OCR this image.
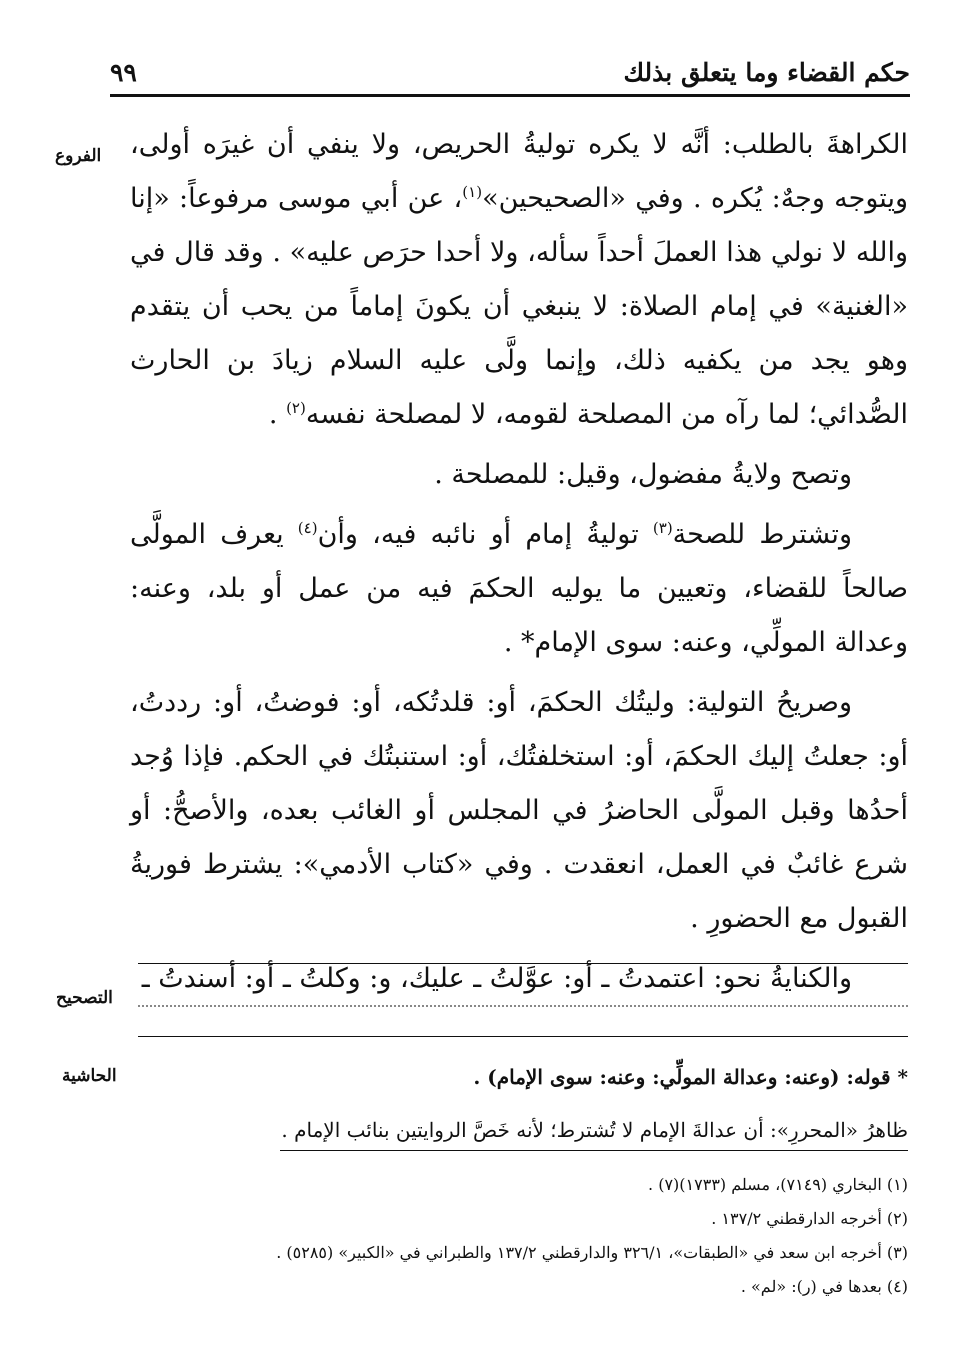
حكم القضاء وما يتعلق بذلك
٩٩
الفروع الكراهةَ بالطلب: أنَّه لا يكره توليةُ الحريص، ولا ينفي أن غيرَه أولى، ويتوجه وجهٌ: يُكره . وفي «الصحيحين»$^{(١)}$، عن أبي موسى مرفوعاً: «إنا والله لا نولي هذا العملَ أحداً سأله، ولا أحدا حرَص عليه» . وقد قال في «الغنية» في إمام الصلاة: لا ينبغي أن يكونَ إماماً من يحب أن يتقدم وهو يجد من يكفيه ذلك، وإنما ولَّى عليه السلام زيادَ بن الحارث الصُّدائي؛ لما رآه من المصلحة لقومه، لا لمصلحة نفسه$^{(٢)}$ .

وتصح ولايةُ مفضول، وقيل: للمصلحة .

وتشترط للصحة$^{(٣)}$ توليةُ إمام أو نائبه فيه، وأن$^{(٤)}$ يعرف المولَّى صالحاً للقضاء، وتعيين ما يوليه الحكمَ فيه من عمل أو بلد، وعنه: وعدالة المولِّي، وعنه: سوى الإمام* .

وصريحُ التولية: وليتُك الحكمَ، أو: قلدتُكه، أو: فوضتُ، أو: رددتُ، أو: جعلتُ إليك الحكمَ، أو: استخلفتُك، أو: استنبتُك في الحكم. فإذا وُجد أحدُها وقبل المولَّى الحاضرُ في المجلس أو الغائب بعده، والأصحُّ: أو شرع غائبٌ في العمل، انعقدت . وفي «كتاب الأدمي»: يشترط فوريةُ القبول مع الحضورِ .

والكنايةُ نحو: اعتمدتُ ـ أو: عوَّلتُ ـ عليك، و: وكلتُ ـ أو: أسندتُ ـ

التصحيح
الحاشية	* قوله: (وعنه: وعدالة المولِّي: وعنه: سوى الإمام) .
ظاهرُ «المحررِ»: أن عدالةَ الإمام لا تُشترط؛ لأنه خَصَّ الروايتين بنائب الإمام .
(١) البخاري (٧١٤٩)، مسلم (١٧٣٣)(٧) .
(٢) أخرجه الدارقطني ١٣٧/٢ .
(٣) أخرجه ابن سعد في «الطبقات»، ٣٢٦/١ والدارقطني ١٣٧/٢ والطبراني في «الكبير» (٥٢٨٥) .
(٤) بعدها في (ر): «لم» .
